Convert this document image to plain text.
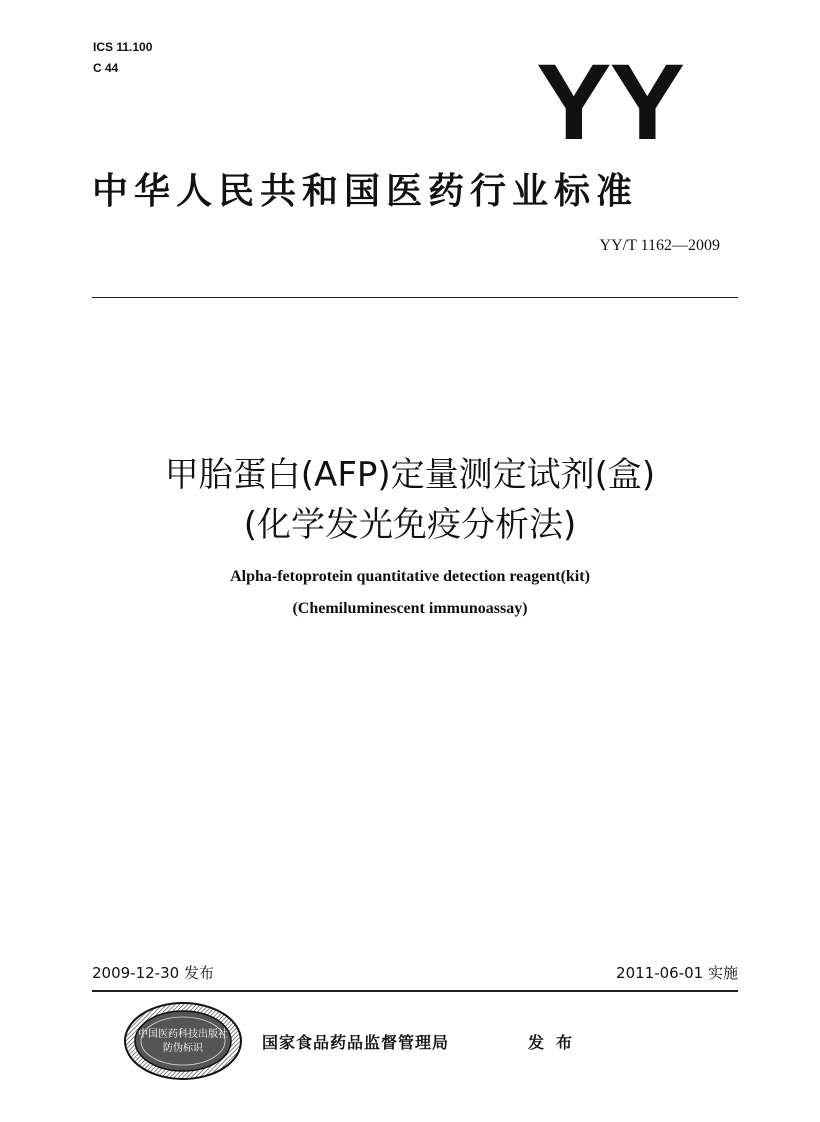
ICS 11.100
C 44	YY
中华人民共和国医药行业标准
YY/T 1162—2009
甲胎蛋白(AFP)定量测定试剂(盒)
(化学发光免疫分析法)
Alpha-fetoprotein quantitative detection reagent(kit)
(Chemiluminescent immunoassay)
2009-12-30 发布	2011-06-01 实施
中国医药科技出版社
防伪标识	国家食品药品监督管理局	发布
